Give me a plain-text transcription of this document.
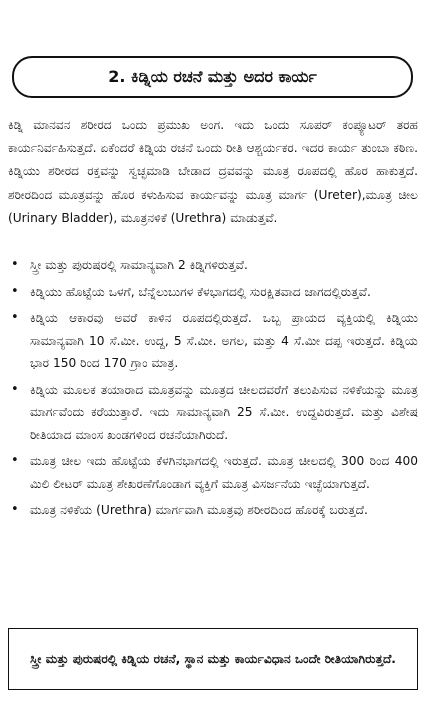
2. ಕಿಡ್ನಿಯ ರಚನೆ ಮತ್ತು ಅದರ ಕಾರ್ಯ

ಕಿಡ್ನಿ ಮಾನವನ ಶರೀರದ ಒಂದು ಪ್ರಮುಖ ಅಂಗ. ಇದು ಒಂದು ಸೂಪರ್ ಕಂಪ್ಯೂಟರ್ ತರಹ ಕಾರ್ಯನಿರ್ವಹಿಸುತ್ತದೆ. ಏಕೆಂದರೆ ಕಿಡ್ನಿಯ ರಚನೆ ಒಂದು ರೀತಿ ಆಶ್ಚರ್ಯಕರ. ಇದರ ಕಾರ್ಯ ತುಂಬಾ ಕಠಿಣ. ಕಿಡ್ನಿಯು ಶರೀರದ ರಕ್ತವನ್ನು ಸ್ವಚ್ಛಮಾಡಿ ಬೇಡಾದ ದ್ರವವನ್ನು ಮೂತ್ರ ರೂಪದಲ್ಲಿ ಹೊರ ಹಾಕುತ್ತದೆ. ಶರೀರದಿಂದ ಮೂತ್ರವನ್ನು ಹೊರ ಕಳುಹಿಸುವ ಕಾರ್ಯವನ್ನು ಮೂತ್ರ ಮಾರ್ಗ (Ureter),ಮೂತ್ರ ಚೀಲ (Urinary Bladder), ಮೂತ್ರನಳಿಕೆ (Urethra) ಮಾಡುತ್ತವೆ.

• ಸ್ತ್ರೀ ಮತ್ತು ಪುರುಷರಲ್ಲಿ ಸಾಮಾನ್ಯವಾಗಿ 2 ಕಿಡ್ನಿಗಳಿರುತ್ತವೆ.
• ಕಿಡ್ನಿಯು ಹೊಟ್ಟೆಯ ಒಳಗೆ, ಬೆನ್ನೆಲುಬುಗಳ ಕೆಳಭಾಗದಲ್ಲಿ ಸುರಕ್ಷಿತವಾದ ಜಾಗದಲ್ಲಿರುತ್ತವೆ.
• ಕಿಡ್ನಿಯ ಆಕಾರವು ಅವರೆ ಕಾಳಿನ ರೂಪದಲ್ಲಿರುತ್ತದೆ. ಒಬ್ಬ ಪ್ರಾಯದ ವ್ಯಕ್ತಿಯಲ್ಲಿ ಕಿಡ್ನಿಯು ಸಾಮಾನ್ಯವಾಗಿ 10 ಸೆ.ಮೀ. ಉದ್ದ, 5 ಸೆ.ಮೀ. ಅಗಲ, ಮತ್ತು 4 ಸೆ.ಮೀ ದಪ್ಪ ಇರುತ್ತದೆ. ಕಿಡ್ನಿಯ ಭಾರ 150 ರಿಂದ 170 ಗ್ರಾಂ ಮಾತ್ರ.
• ಕಿಡ್ನಿಯ ಮೂಲಕ ತಯಾರಾದ ಮೂತ್ರವನ್ನು ಮೂತ್ರದ ಚೀಲದವರೆಗೆ ತಲುಪಿಸುವ ನಳಿಕೆಯನ್ನು ಮೂತ್ರ ಮಾರ್ಗವೆಂದು ಕರೆಯುತ್ತಾರೆ. ಇದು ಸಾಮಾನ್ಯವಾಗಿ 25 ಸೆ.ಮೀ. ಉದ್ದವಿರುತ್ತದೆ. ಮತ್ತು ವಿಶೇಷ ರೀತಿಯಾದ ಮಾಂಸ ಖಂಡಗಳಿಂದ ರಚನೆಯಾಗಿರುದೆ.
• ಮೂತ್ರ ಚೀಲ ಇದು ಹೊಟ್ಟೆಯ ಕೆಳಗಿನಭಾಗದಲ್ಲಿ ಇರುತ್ತದೆ. ಮೂತ್ರ ಚೀಲದಲ್ಲಿ 300 ರಿಂದ 400 ಮಿಲಿ ಲೀಟರ್ ಮೂತ್ರ ಶೇಖರಣೆಗೊಂಡಾಗ ವ್ಯಕ್ತಿಗೆ ಮೂತ್ರ ವಿಸರ್ಜನೆಯ ಇಚ್ಛೆಯಾಗುತ್ತದೆ.
• ಮೂತ್ರ ನಳಿಕೆಯ (Urethra) ಮಾರ್ಗವಾಗಿ ಮೂತ್ರವು ಶರೀರದಿಂದ ಹೊರಕ್ಕೆ ಬರುತ್ತದೆ.
ಸ್ತ್ರೀ ಮತ್ತು ಪುರುಷರಲ್ಲಿ ಕಿಡ್ನಿಯ ರಚನೆ, ಸ್ಥಾನ ಮತ್ತು ಕಾರ್ಯವಿಧಾನ ಒಂದೇ ರೀತಿಯಾಗಿರುತ್ತದೆ.
